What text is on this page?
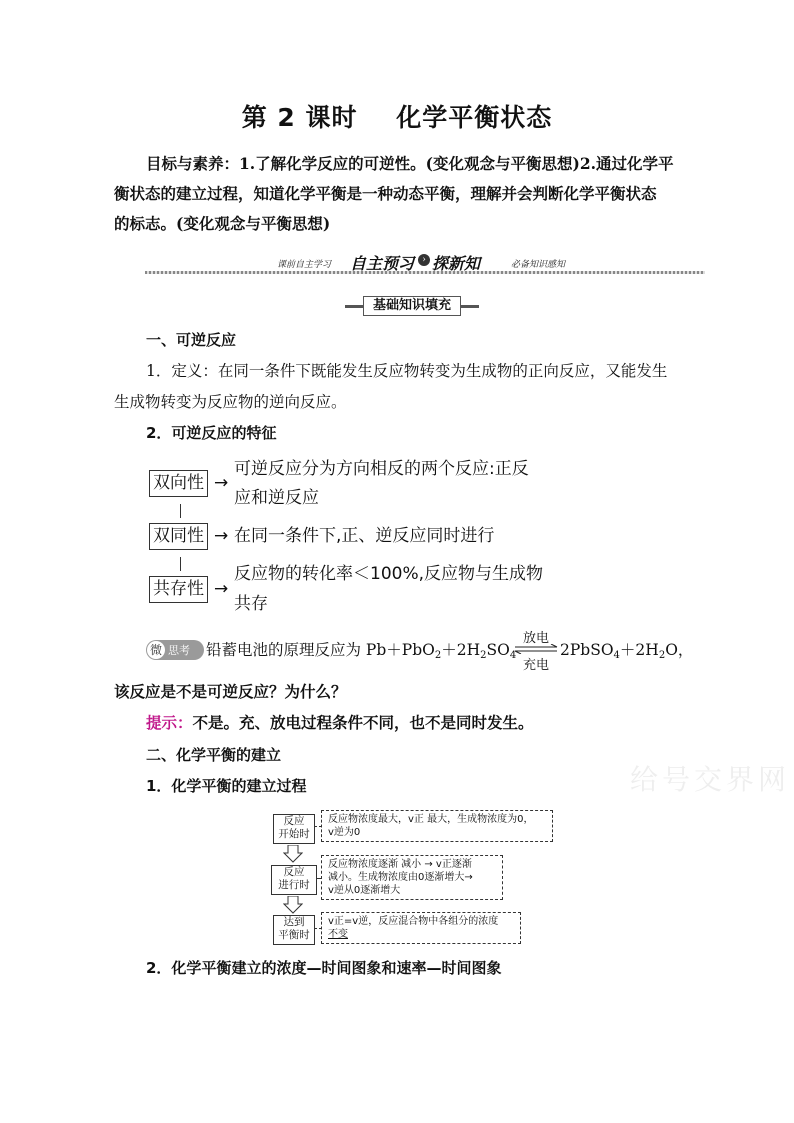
第 2 课时    化学平衡状态
目标与素养：1.了解化学反应的可逆性。(变化观念与平衡思想)2.通过化学平
衡状态的建立过程，知道化学平衡是一种动态平衡，理解并会判断化学平衡状态
的标志。(变化观念与平衡思想)
课前自主学习 自主预习 › 探新知	必备知识感知
基础知识填充
一、可逆反应
1．定义：在同一条件下既能发生反应物转变为生成物的正向反应，又能发生
生成物转变为反应物的逆向反应。
2．可逆反应的特征
双向性 →
可逆反应分为方向相反的两个反应:正反
应和逆反应
双同性 → 在同一条件下,正、逆反应同时进行
共存性 →
反应物的转化率＜100%,反应物与生成物
共存
微 思考 铅蓄电池的原理反应为 $Pb+PbO_2+2H_2SO_4$
放电
充电
$2PbSO_4+2H_2O$，
该反应是不是可逆反应？为什么？
提示：不是。充、放电过程条件不同，也不是同时发生。
二、化学平衡的建立
1．化学平衡的建立过程	给号交界网
反应
开始时
反应物浓度最大，v正 最大，生成物浓度为0，
v逆为0
反应
进行时
反应物浓度逐渐 减小 → v正逐渐
减小。生成物浓度由0逐渐增大→
v逆从0逐渐增大
达到
平衡时
v正=v逆，反应混合物中各组分的浓度
不变
2．化学平衡建立的浓度—时间图象和速率—时间图象
